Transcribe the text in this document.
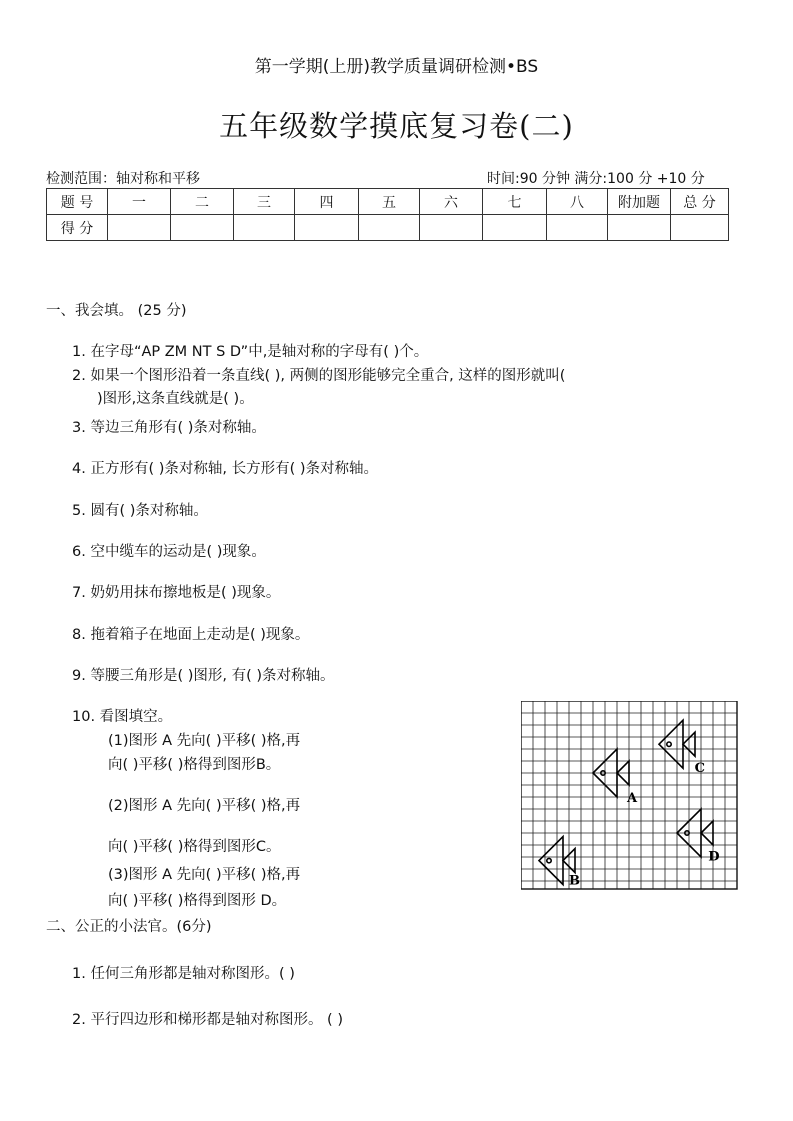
第一学期(上册)教学质量调研检测•BS
五年级数学摸底复习卷(二)
检测范围：轴对称和平移	时间:90 分钟 满分:100 分 +10 分
题 号	一	二	三	四	五	六	七	八	附加题	总 分
得 分										
一、我会填。 (25 分)
1. 在字母“AP ZM NT S D”中,是轴对称的字母有( )个。
2. 如果一个图形沿着一条直线( ), 两侧的图形能够完全重合, 这样的图形就叫(
)图形,这条直线就是( )。
3. 等边三角形有( )条对称轴。
4. 正方形有( )条对称轴, 长方形有( )条对称轴。
5. 圆有( )条对称轴。
6. 空中缆车的运动是( )现象。
7. 奶奶用抹布擦地板是( )现象。
8. 拖着箱子在地面上走动是( )现象。
9. 等腰三角形是( )图形, 有( )条对称轴。
10. 看图填空。
(1)图形 A 先向( )平移( )格,再
向( )平移( )格得到图形B。
(2)图形 A 先向( )平移( )格,再
向( )平移( )格得到图形C。
(3)图形 A 先向( )平移( )格,再
向( )平移( )格得到图形 D。
A
B
C
D
二、公正的小法官。(6分)
1. 任何三角形都是轴对称图形。( )
2. 平行四边形和梯形都是轴对称图形。 ( )
